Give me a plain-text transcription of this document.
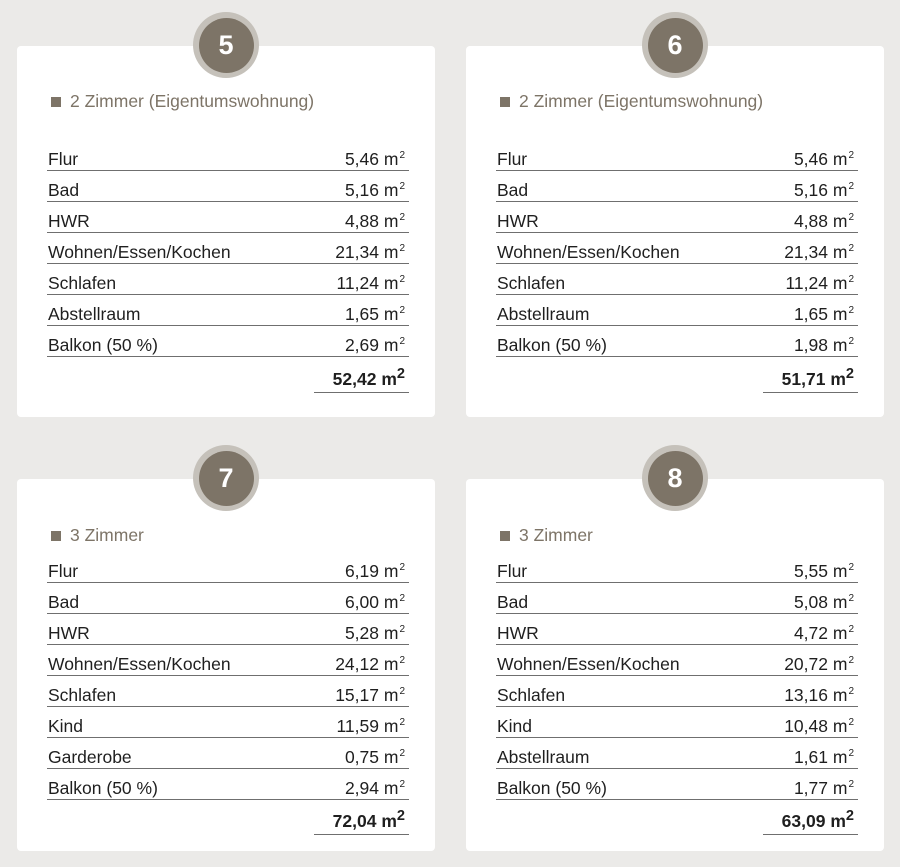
5
2 Zimmer (Eigentumswohnung)
Flur	5,46 $m^2$
Bad	5,16 $m^2$
HWR	4,88 $m^2$
Wohnen/Essen/Kochen	21,34 $m^2$
Schlafen	11,24 $m^2$
Abstellraum	1,65 $m^2$
Balkon (50 %)	2,69 $m^2$
52,42 $m^2$
6
2 Zimmer (Eigentumswohnung)
Flur	5,46 $m^2$
Bad	5,16 $m^2$
HWR	4,88 $m^2$
Wohnen/Essen/Kochen	21,34 $m^2$
Schlafen	11,24 $m^2$
Abstellraum	1,65 $m^2$
Balkon (50 %)	1,98 $m^2$
51,71 $m^2$
7
3 Zimmer
Flur	6,19 $m^2$
Bad	6,00 $m^2$
HWR	5,28 $m^2$
Wohnen/Essen/Kochen	24,12 $m^2$
Schlafen	15,17 $m^2$
Kind	11,59 $m^2$
Garderobe	0,75 $m^2$
Balkon (50 %)	2,94 $m^2$
72,04 $m^2$
8
3 Zimmer
Flur	5,55 $m^2$
Bad	5,08 $m^2$
HWR	4,72 $m^2$
Wohnen/Essen/Kochen	20,72 $m^2$
Schlafen	13,16 $m^2$
Kind	10,48 $m^2$
Abstellraum	1,61 $m^2$
Balkon (50 %)	1,77 $m^2$
63,09 $m^2$
